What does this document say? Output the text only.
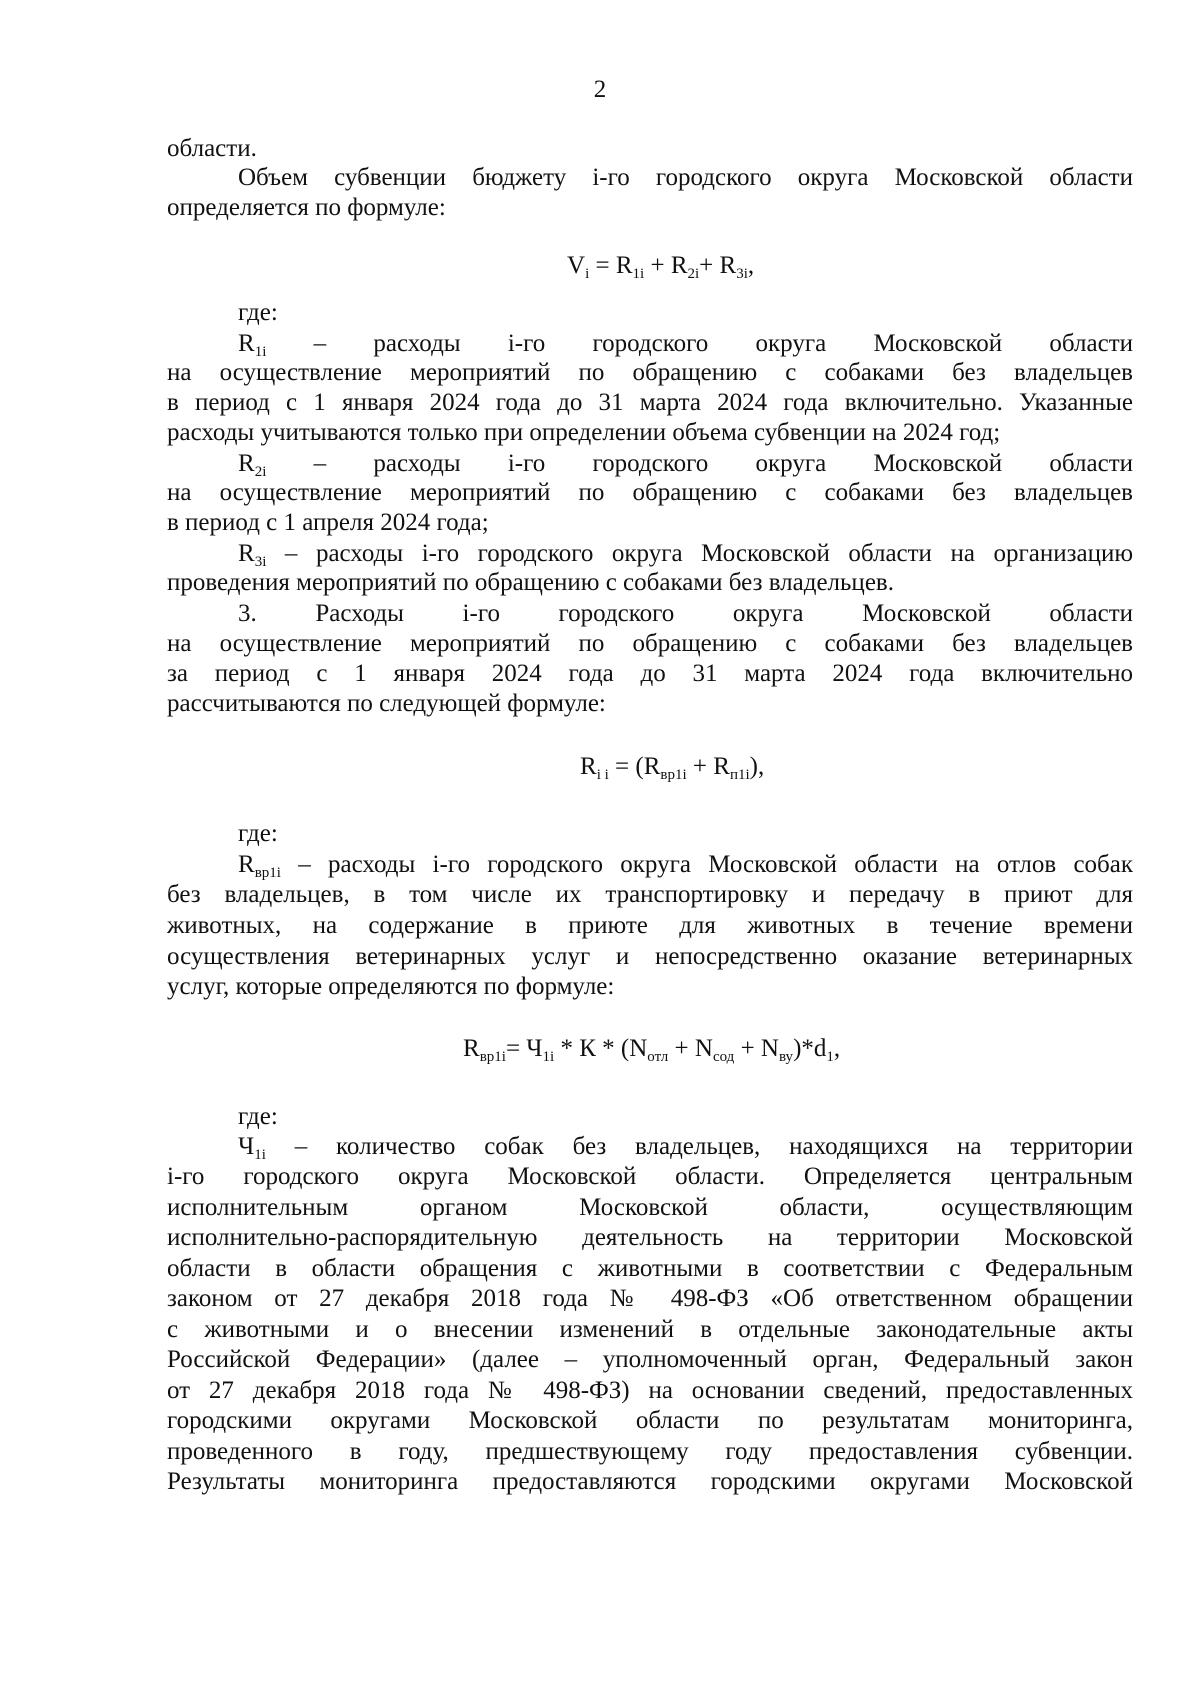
2
области.
Объем субвенции бюджету i-го городского округа Московской области
определяется по формуле:
$V_i = R_{1i} + R_{2i}+ R_{3i}$,
где:
$R_{1i}$ – расходы i-го городского округа Московской области
на осуществление мероприятий по обращению с собаками без владельцев
в период с 1 января 2024 года до 31 марта 2024 года включительно. Указанные
расходы учитываются только при определении объема субвенции на 2024 год;
$R_{2i}$ – расходы i-го городского округа Московской области
на осуществление мероприятий по обращению с собаками без владельцев
в период с 1 апреля 2024 года;
$R_{3i}$ – расходы i-го городского округа Московской области на организацию
проведения мероприятий по обращению с собаками без владельцев.
3. Расходы i-го городского округа Московской области
на осуществление мероприятий по обращению с собаками без владельцев
за период с 1 января 2024 года до 31 марта 2024 года включительно
рассчитываются по следующей формуле:
$R_{i i} = (R_{вр1i} + R_{п1i})$,
где:
$R_{вр1i}$ – расходы i-го городского округа Московской области на отлов собак
без владельцев, в том числе их транспортировку и передачу в приют для
животных, на содержание в приюте для животных в течение времени
осуществления ветеринарных услуг и непосредственно оказание ветеринарных
услуг, которые определяются по формуле:
$R_{вр1i}= Ч_{1i} * К * (N_{отл} + N_{сод} + N_{ву})*d_1$,
где:
$Ч_{1i}$ – количество собак без владельцев, находящихся на территории
i-го городского округа Московской области. Определяется центральным
исполнительным органом Московской области, осуществляющим
исполнительно-распорядительную деятельность на территории Московской
области в области обращения с животными в соответствии с Федеральным
законом от 27 декабря 2018 года № 498-ФЗ «Об ответственном обращении
с животными и о внесении изменений в отдельные законодательные акты
Российской Федерации» (далее – уполномоченный орган, Федеральный закон
от 27 декабря 2018 года № 498-ФЗ) на основании сведений, предоставленных
городскими округами Московской области по результатам мониторинга,
проведенного в году, предшествующему году предоставления субвенции.
Результаты мониторинга предоставляются городскими округами Московской
